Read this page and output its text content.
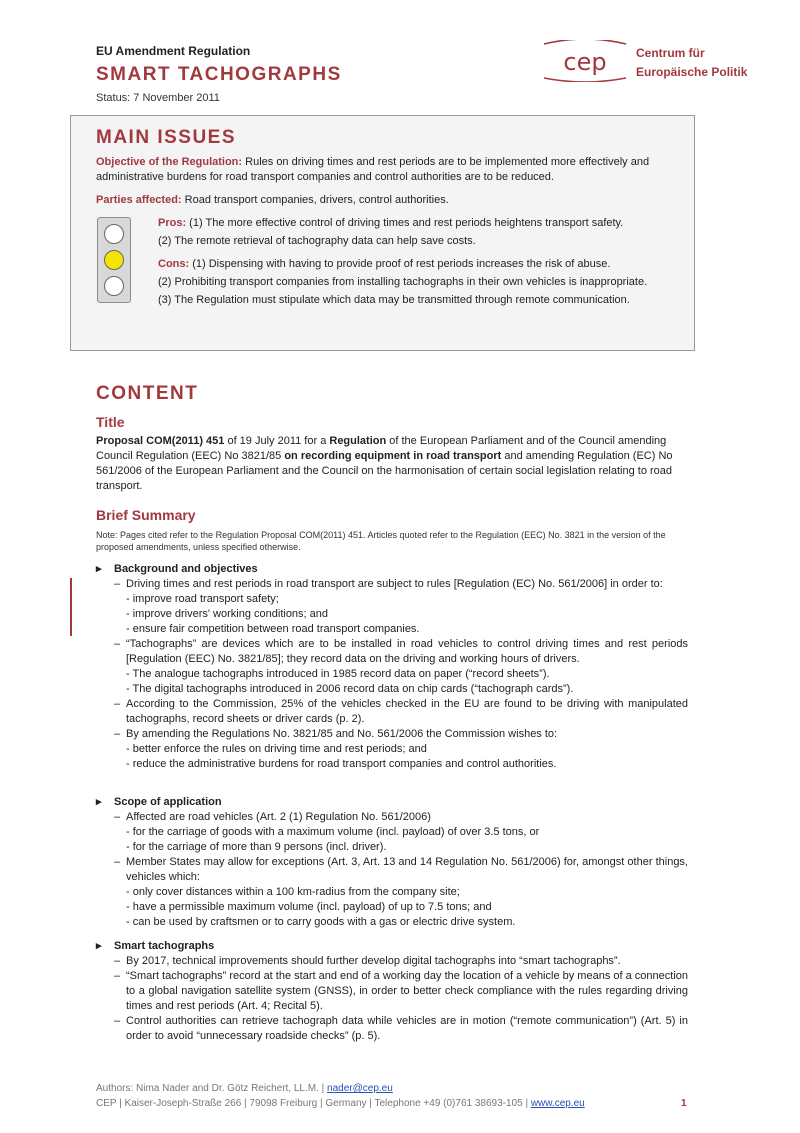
EU Amendment Regulation
SMART TACHOGRAPHS
Status: 7 November 2011
cep Centrum für
Europäische Politik
MAIN ISSUES
Objective of the Regulation: Rules on driving times and rest periods are to be implemented more effectively and administrative burdens for road transport companies and control authorities are to be reduced.
Parties affected: Road transport companies, drivers, control authorities.

Pros: (1) The more effective control of driving times and rest periods heightens transport safety.

(2) The remote retrieval of tachography data can help save costs.

Cons: (1) Dispensing with having to provide proof of rest periods increases the risk of abuse.

(2) Prohibiting transport companies from installing tachographs in their own vehicles is inappropriate.

(3) The Regulation must stipulate which data may be transmitted through remote communication.

CONTENT
Title
Proposal COM(2011) 451 of 19 July 2011 for a Regulation of the European Parliament and of the Council amending Council Regulation (EEC) No 3821/85 on recording equipment in road transport and amending Regulation (EC) No 561/2006 of the European Parliament and the Council on the harmonisation of certain social legislation relating to road transport.
Brief Summary
Note: Pages cited refer to the Regulation Proposal COM(2011) 451. Articles quoted refer to the Regulation (EEC) No. 3821 in the version of the proposed amendments, unless specified otherwise.
▸ Background and objectives
– Driving times and rest periods in road transport are subject to rules [Regulation (EC) No. 561/2006] in order to:
- improve road transport safety;
- improve drivers' working conditions; and
- ensure fair competition between road transport companies.
– “Tachographs” are devices which are to be installed in road vehicles to control driving times and rest periods [Regulation (EEC) No. 3821/85]; they record data on the driving and working hours of drivers.
- The analogue tachographs introduced in 1985 record data on paper (“record sheets”).
- The digital tachographs introduced in 2006 record data on chip cards (“tachograph cards”).
– According to the Commission, 25% of the vehicles checked in the EU are found to be driving with manipulated tachographs, record sheets or driver cards (p. 2).
– By amending the Regulations No. 3821/85 and No. 561/2006 the Commission wishes to:
- better enforce the rules on driving time and rest periods; and
- reduce the administrative burdens for road transport companies and control authorities.
▸ Scope of application
– Affected are road vehicles (Art. 2 (1) Regulation No. 561/2006)
- for the carriage of goods with a maximum volume (incl. payload) of over 3.5 tons, or
- for the carriage of more than 9 persons (incl. driver).
– Member States may allow for exceptions (Art. 3, Art. 13 and 14 Regulation No. 561/2006) for, amongst other things, vehicles which:
- only cover distances within a 100 km-radius from the company site;
- have a permissible maximum volume (incl. payload) of up to 7.5 tons; and
- can be used by craftsmen or to carry goods with a gas or electric drive system.
▸ Smart tachographs
– By 2017, technical improvements should further develop digital tachographs into “smart tachographs”.
– “Smart tachographs” record at the start and end of a working day the location of a vehicle by means of a connection to a global navigation satellite system (GNSS), in order to better check compliance with the rules regarding driving times and rest periods (Art. 4; Recital 5).
– Control authorities can retrieve tachograph data while vehicles are in motion (“remote communication”) (Art. 5) in order to avoid “unnecessary roadside checks” (p. 5).
Authors: Nima Nader and Dr. Götz Reichert, LL.M. | nader@cep.eu
CEP | Kaiser-Joseph-Straße 266 | 79098 Freiburg | Germany | Telephone +49 (0)761 38693-105 | www.cep.eu	1
